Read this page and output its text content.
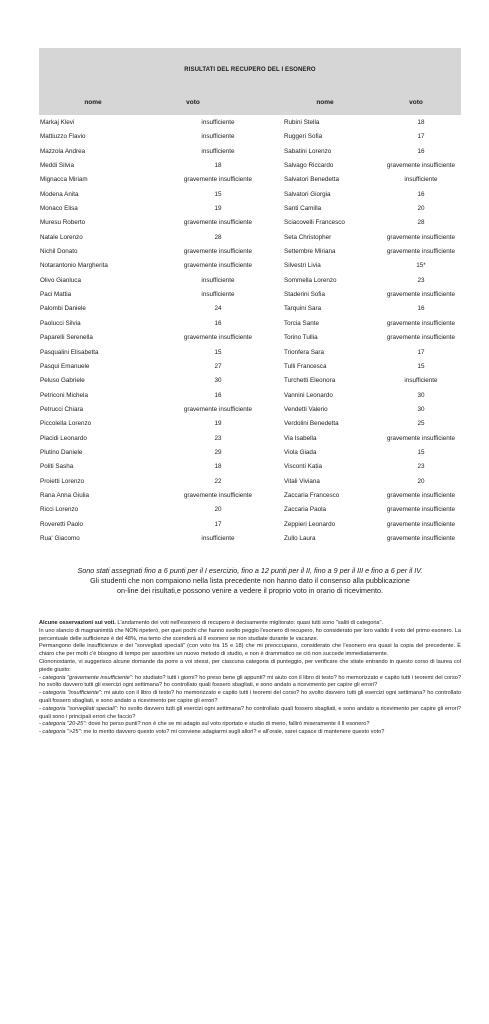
RISULTATI DEL RECUPERO DEL I ESONERO
nome	voto	nome	voto
Markaj Klevi	insufficiente	Rubini Stella	18
Mattiuzzo Flavio	insufficiente	Ruggeri Sofia	17
Mazzola Andrea	insufficiente	Sabatini Lorenzo	16
Meddi Silvia	18	Salvago Riccardo	gravemente insufficiente
Mignacca Miriam	gravemente insufficiente	Salvatori Benedetta	insufficiente
Modena Anita	15	Salvatori Giorgia	16
Monaco Elisa	19	Santi Camilla	20
Muresu Roberto	gravemente insufficiente	Sciacovelli Francesco	28
Natale Lorenzo	28	Seta Christopher	gravemente insufficiente
Nichil Donato	gravemente insufficiente	Settembre Miriana	gravemente insufficiente
Notarantonio Margherita	gravemente insufficiente	Silvestri Livia	15*
Olivo Gianluca	insufficiente	Sommella Lorenzo	23
Paci Mattia	insufficiente	Staderini Sofia	gravemente insufficiente
Palombi Daniele	24	Tarquini Sara	16
Paolucci Silvia	16	Torcia Sante	gravemente insufficiente
Paparelli Serenella	gravemente insufficiente	Torino Tullia	gravemente insufficiente
Pasqualini Elisabetta	15	Trionfera Sara	17
Pasqui Emanuele	27	Tulli Francesca	15
Peluso Gabriele	30	Turchetti Eleonora	insufficiente
Petriconi Michela	16	Vannini Leonardo	30
Petrucci Chiara	gravemente insufficiente	Vendetti Valerio	30
Piccolella Lorenzo	19	Verdolini Benedetta	25
Placidi Leonardo	23	Via Isabella	gravemente insufficiente
Plutino Daniele	29	Viola Giada	15
Politi Sasha	18	Visconti Katia	23
Proietti Lorenzo	22	Vitali Viviana	20
Rana Anna Giulia	gravemente insufficiente	Zaccaria Francesco	gravemente insufficiente
Ricci Lorenzo	20	Zaccaria Paola	gravemente insufficiente
Roveretti Paolo	17	Zeppieri Leonardo	gravemente insufficiente
Rua' Giacomo	insufficiente	Zullo Laura	gravemente insufficiente
Sono stati assegnati fino a 6 punti per il I esercizio, fino a 12 punti per il II, fino a 9 per il III e fino a 6 per il IV.
Gli studenti che non compaiono nella lista precedente non hanno dato il consenso alla pubblicazione
on-line dei risultati,e possono venire a vedere il proprio voto in orario di ricevimento.

Alcune osservazioni sui voti. L'andamento dei voti nell'esonero di recupero è decisamente migliorato: quasi tutti sono "saliti di categoria".

In uno slancio di magnanimità che NON ripeterò, per quei pochi che hanno svolto peggio l'esonero di recupero, ho considerato per loro valido il voto del primo esonero. La percentuale delle sufficienze è del 48%, ma temo che scenderà al II esonero se non studiate durante le vacanze.

Permangono delle insufficienze e dei "sorvegliati speciali" (con voto tra 15 e 18) che mi preoccupano, considerato che l'esonero era quasi la copia del precedente. È chiaro che per molti c'è bisogno di tempo per assorbire un nuovo metodo di studio, e non è drammatico se ciò non succede immediatamente.

Ciononostante, vi suggerisco alcune domande da porre a voi stessi, per ciascuna categoria di punteggio, per verificare che stiate entrando in questo corso di laurea col piede giusto:

- categoria "gravemente insufficiente": ho studiato? tutti i giorni? ho preso bene gli appunti? mi aiuto con il libro di testo? ho memorizzato e capito tutti i teoremi del corso? ho svolto davvero tutti gli esercizi ogni settimana? ho controllato quali fossero sbagliati, e sono andato a ricevimento per capire gli errori?

- categoria "insufficiente": mi aiuto con il libro di testo? ho memorizzato e capito tutti i teoremi del corso? ho svolto davvero tutti gli esercizi ogni settimana? ho controllato quali fossero sbagliati, e sono andato a ricevimento per capire gli errori?

- categoria "sorvegliati speciali": ho svolto davvero tutti gli esercizi ogni settimana? ho controllato quali fossero sbagliati, e sono andato a ricevimento per capire gli errori? quali sono i principali errori che faccio?

- categoria "20-25": dove ho perso punti? non è che se mi adagio sul voto riportato e studio di meno, fallirò miseramente il II esonero?

- categoria ">25": me lo merito davvero questo voto? mi conviene adagiarmi sugli allori? e all'orale, sarei capace di mantenere questo voto?
